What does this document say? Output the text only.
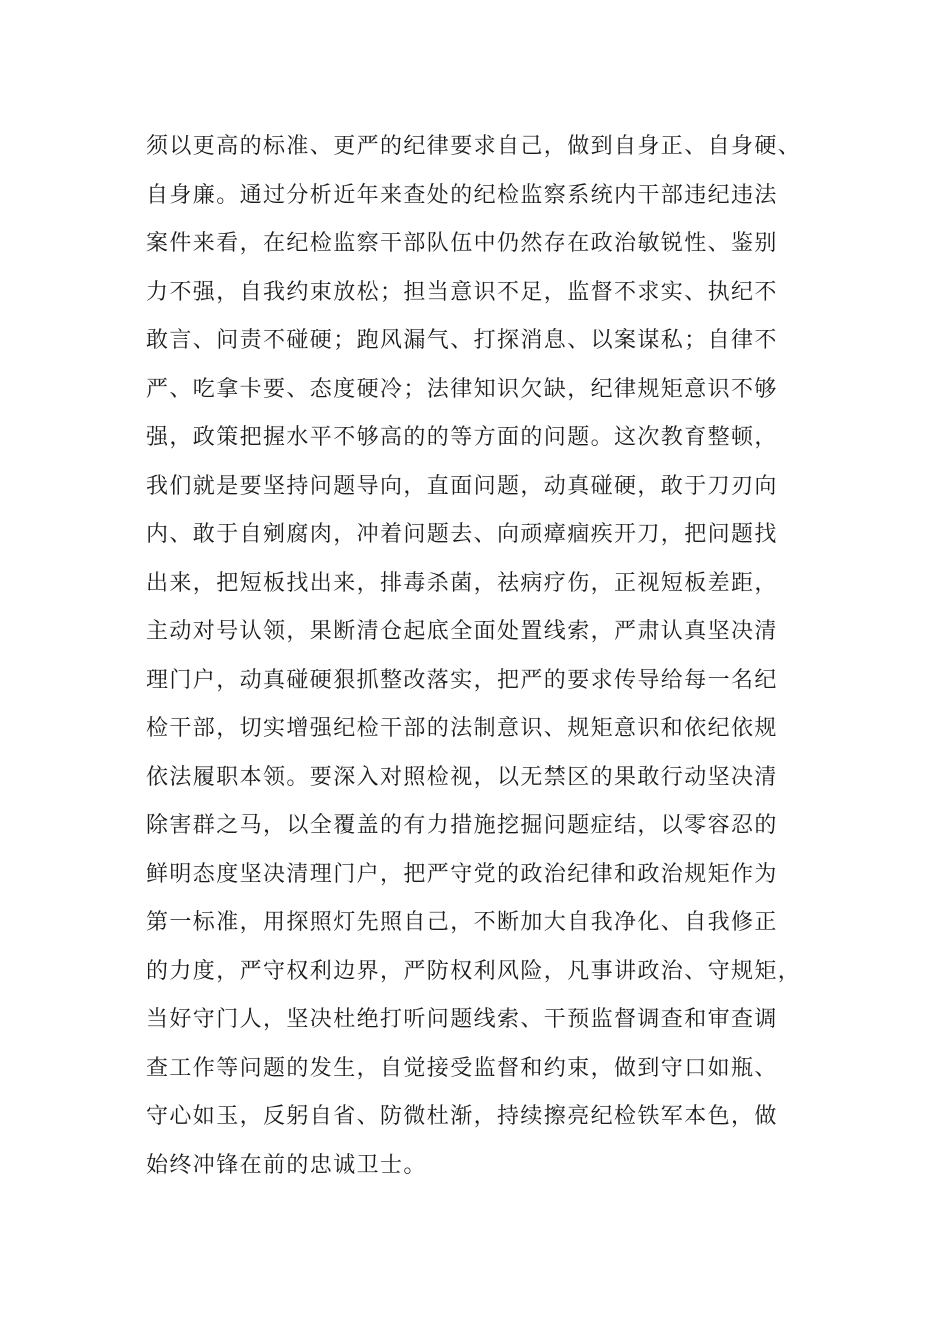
须以更高的标准、更严的纪律要求自己，做到自身正、自身硬、
自身廉。通过分析近年来查处的纪检监察系统内干部违纪违法
案件来看，在纪检监察干部队伍中仍然存在政治敏锐性、鉴别
力不强，自我约束放松；担当意识不足，监督不求实、执纪不
敢言、问责不碰硬；跑风漏气、打探消息、以案谋私；自律不
严、吃拿卡要、态度硬冷；法律知识欠缺，纪律规矩意识不够
强，政策把握水平不够高的的等方面的问题。这次教育整顿，
我们就是要坚持问题导向，直面问题，动真碰硬，敢于刀刃向
内、敢于自剜腐肉，冲着问题去、向顽瘴痼疾开刀，把问题找
出来，把短板找出来，排毒杀菌，祛病疗伤，正视短板差距，
主动对号认领，果断清仓起底全面处置线索，严肃认真坚决清
理门户，动真碰硬狠抓整改落实，把严的要求传导给每一名纪
检干部，切实增强纪检干部的法制意识、规矩意识和依纪依规
依法履职本领。要深入对照检视，以无禁区的果敢行动坚决清
除害群之马，以全覆盖的有力措施挖掘问题症结，以零容忍的
鲜明态度坚决清理门户，把严守党的政治纪律和政治规矩作为
第一标准，用探照灯先照自己，不断加大自我净化、自我修正
的力度，严守权利边界，严防权利风险，凡事讲政治、守规矩，
当好守门人，坚决杜绝打听问题线索、干预监督调查和审查调
查工作等问题的发生，自觉接受监督和约束，做到守口如瓶、
守心如玉，反躬自省、防微杜渐，持续擦亮纪检铁军本色，做
始终冲锋在前的忠诚卫士。
